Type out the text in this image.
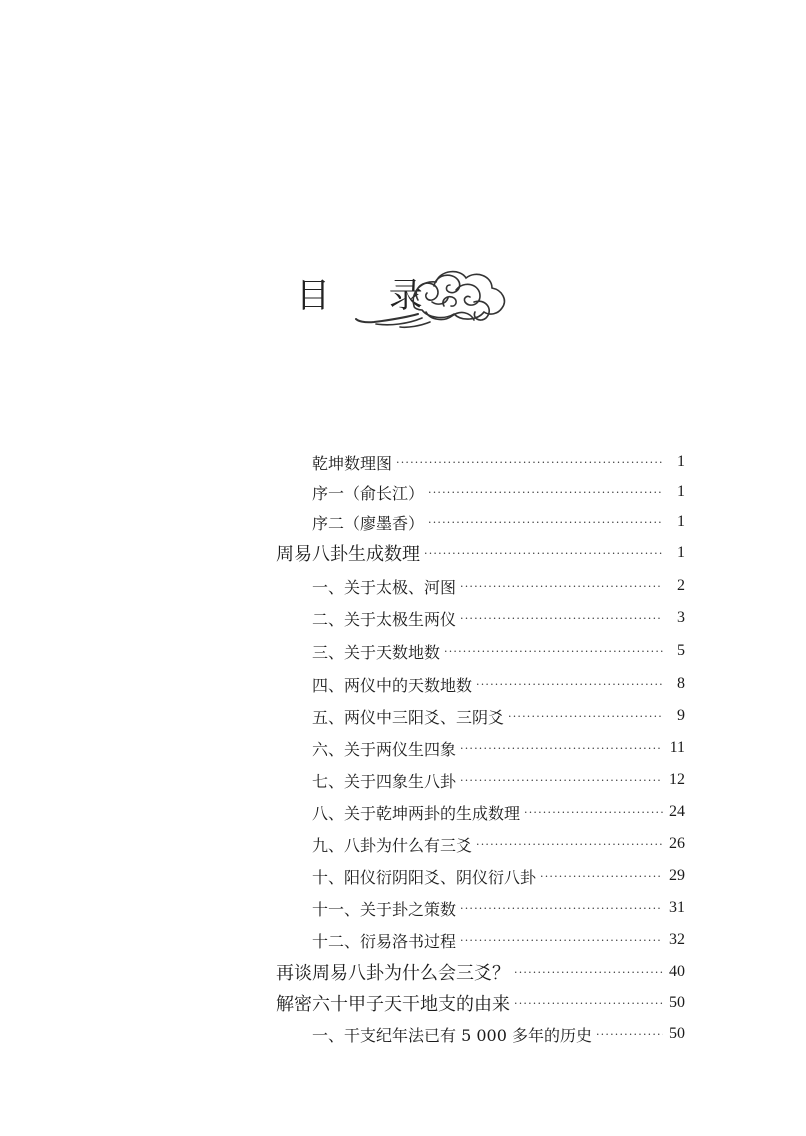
目 录
乾坤数理图 ·····	1
序一（俞长江） ·····	1
序二（廖墨香） ·····	1
周易八卦生成数理 ·····	1
一、关于太极、河图 ·····	2
二、关于太极生两仪 ·····	3
三、关于天数地数 ·····	5
四、两仪中的天数地数 ·····	8
五、两仪中三阳爻、三阴爻 ·····	9
六、关于两仪生四象 ·····	11
七、关于四象生八卦 ·····	12
八、关于乾坤两卦的生成数理 ·····	24
九、八卦为什么有三爻 ·····	26
十、阳仪衍阴阳爻、阴仪衍八卦 ·····	29
十一、关于卦之策数 ·····	31
十二、衍易洛书过程 ·····	32
再谈周易八卦为什么会三爻？ ·····	40
解密六十甲子天干地支的由来 ·····	50
一、干支纪年法已有 5 000 多年的历史 ·····	50
